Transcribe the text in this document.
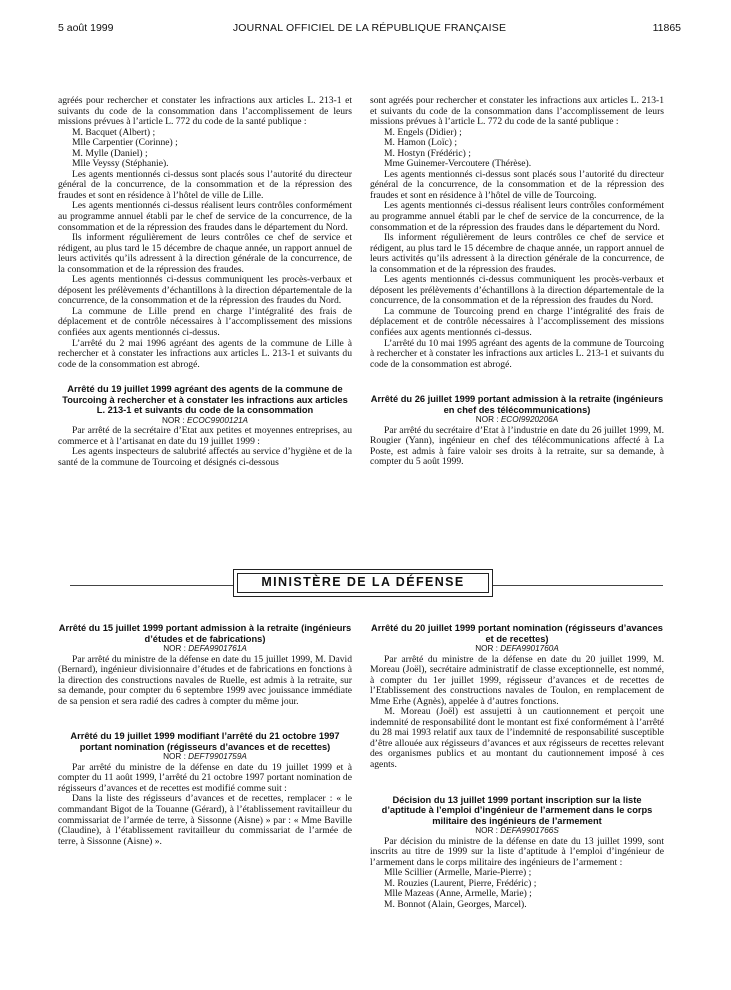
5 août 1999	JOURNAL OFFICIEL DE LA RÉPUBLIQUE FRANÇAISE	11865

agréés pour rechercher et constater les infractions aux articles L. 213-1 et suivants du code de la consommation dans l’accomplissement de leurs missions prévues à l’article L. 772 du code de la santé publique :

M. Bacquet (Albert) ;

Mlle Carpentier (Corinne) ;

M. Mylle (Daniel) ;

Mlle Veyssy (Stéphanie).

Les agents mentionnés ci-dessus sont placés sous l’autorité du directeur général de la concurrence, de la consommation et de la répression des fraudes et sont en résidence à l’hôtel de ville de Lille.

Les agents mentionnés ci-dessus réalisent leurs contrôles conformément au programme annuel établi par le chef de service de la concurrence, de la consommation et de la répression des fraudes dans le département du Nord.

Ils informent régulièrement de leurs contrôles ce chef de service et rédigent, au plus tard le 15 décembre de chaque année, un rapport annuel de leurs activités qu’ils adressent à la direction générale de la concurrence, de la consommation et de la répression des fraudes.

Les agents mentionnés ci-dessus communiquent les procès-verbaux et déposent les prélèvements d’échantillons à la direction départementale de la concurrence, de la consommation et de la répression des fraudes du Nord.

La commune de Lille prend en charge l’intégralité des frais de déplacement et de contrôle nécessaires à l’accomplissement des missions confiées aux agents mentionnés ci-dessus.

L’arrêté du 2 mai 1996 agréant des agents de la commune de Lille à rechercher et à constater les infractions aux articles L. 213-1 et suivants du code de la consommation est abrogé.

Arrêté du 19 juillet 1999 agréant des agents de la commune de Tourcoing à rechercher et à constater les infractions aux articles L. 213-1 et suivants du code de la consommation

NOR : ECOC9900121A

Par arrêté de la secrétaire d’Etat aux petites et moyennes entreprises, au commerce et à l’artisanat en date du 19 juillet 1999 :

Les agents inspecteurs de salubrité affectés au service d’hygiène et de la santé de la commune de Tourcoing et désignés ci-dessous

sont agréés pour rechercher et constater les infractions aux articles L. 213-1 et suivants du code de la consommation dans l’accomplissement de leurs missions prévues à l’article L. 772 du code de la santé publique :

M. Engels (Didier) ;

M. Hamon (Loïc) ;

M. Hostyn (Frédéric) ;

Mme Guinemer-Vercoutere (Thérèse).

Les agents mentionnés ci-dessus sont placés sous l’autorité du directeur général de la concurrence, de la consommation et de la répression des fraudes et sont en résidence à l’hôtel de ville de Tourcoing.

Les agents mentionnés ci-dessus réalisent leurs contrôles conformément au programme annuel établi par le chef de service de la concurrence, de la consommation et de la répression des fraudes dans le département du Nord.

Ils informent régulièrement de leurs contrôles ce chef de service et rédigent, au plus tard le 15 décembre de chaque année, un rapport annuel de leurs activités qu’ils adressent à la direction générale de la concurrence, de la consommation et de la répression des fraudes.

Les agents mentionnés ci-dessus communiquent les procès-verbaux et déposent les prélèvements d’échantillons à la direction départementale de la concurrence, de la consommation et de la répression des fraudes du Nord.

La commune de Tourcoing prend en charge l’intégralité des frais de déplacement et de contrôle nécessaires à l’accomplissement des missions confiées aux agents mentionnés ci-dessus.

L’arrêté du 10 mai 1995 agréant des agents de la commune de Tourcoing à rechercher et à constater les infractions aux articles L. 213-1 et suivants du code de la consommation est abrogé.

Arrêté du 26 juillet 1999 portant admission à la retraite (ingénieurs en chef des télécommunications)

NOR : ECOI9920206A

Par arrêté du secrétaire d’Etat à l’industrie en date du 26 juillet 1999, M. Rougier (Yann), ingénieur en chef des télécommunications affecté à La Poste, est admis à faire valoir ses droits à la retraite, sur sa demande, à compter du 5 août 1999.

MINISTÈRE DE LA DÉFENSE

Arrêté du 15 juillet 1999 portant admission à la retraite (ingénieurs d’études et de fabrications)

NOR : DEFA9901761A

Par arrêté du ministre de la défense en date du 15 juillet 1999, M. David (Bernard), ingénieur divisionnaire d’études et de fabrications en fonctions à la direction des constructions navales de Ruelle, est admis à la retraite, sur sa demande, pour compter du 6 septembre 1999 avec jouissance immédiate de sa pension et sera radié des cadres à compter du même jour.

Arrêté du 19 juillet 1999 modifiant l’arrêté du 21 octobre 1997 portant nomination (régisseurs d’avances et de recettes)

NOR : DEFT9901759A

Par arrêté du ministre de la défense en date du 19 juillet 1999 et à compter du 11 août 1999, l’arrêté du 21 octobre 1997 portant nomination de régisseurs d’avances et de recettes est modifié comme suit :

Dans la liste des régisseurs d’avances et de recettes, remplacer : « le commandant Bigot de la Touanne (Gérard), à l’établissement ravitailleur du commissariat de l’armée de terre, à Sissonne (Aisne) » par : « Mme Baville (Claudine), à l’établissement ravitailleur du commissariat de l’armée de terre, à Sissonne (Aisne) ».

Arrêté du 20 juillet 1999 portant nomination (régisseurs d’avances et de recettes)

NOR : DEFA9901760A

Par arrêté du ministre de la défense en date du 20 juillet 1999, M. Moreau (Joël), secrétaire administratif de classe exceptionnelle, est nommé, à compter du 1er juillet 1999, régisseur d’avances et de recettes de l’Etablissement des constructions navales de Toulon, en remplacement de Mme Erhe (Agnès), appelée à d’autres fonctions.

M. Moreau (Joël) est assujetti à un cautionnement et perçoit une indemnité de responsabilité dont le montant est fixé conformément à l’arrêté du 28 mai 1993 relatif aux taux de l’indemnité de responsabilité susceptible d’être allouée aux régisseurs d’avances et aux régisseurs de recettes relevant des organismes publics et au montant du cautionnement imposé à ces agents.

Décision du 13 juillet 1999 portant inscription sur la liste d’aptitude à l’emploi d’ingénieur de l’armement dans le corps militaire des ingénieurs de l’armement

NOR : DEFA9901766S

Par décision du ministre de la défense en date du 13 juillet 1999, sont inscrits au titre de 1999 sur la liste d’aptitude à l’emploi d’ingénieur de l’armement dans le corps militaire des ingénieurs de l’armement :

Mlle Scillier (Armelle, Marie-Pierre) ;

M. Rouzies (Laurent, Pierre, Frédéric) ;

Mlle Mazeas (Anne, Armelle, Marie) ;

M. Bonnot (Alain, Georges, Marcel).
